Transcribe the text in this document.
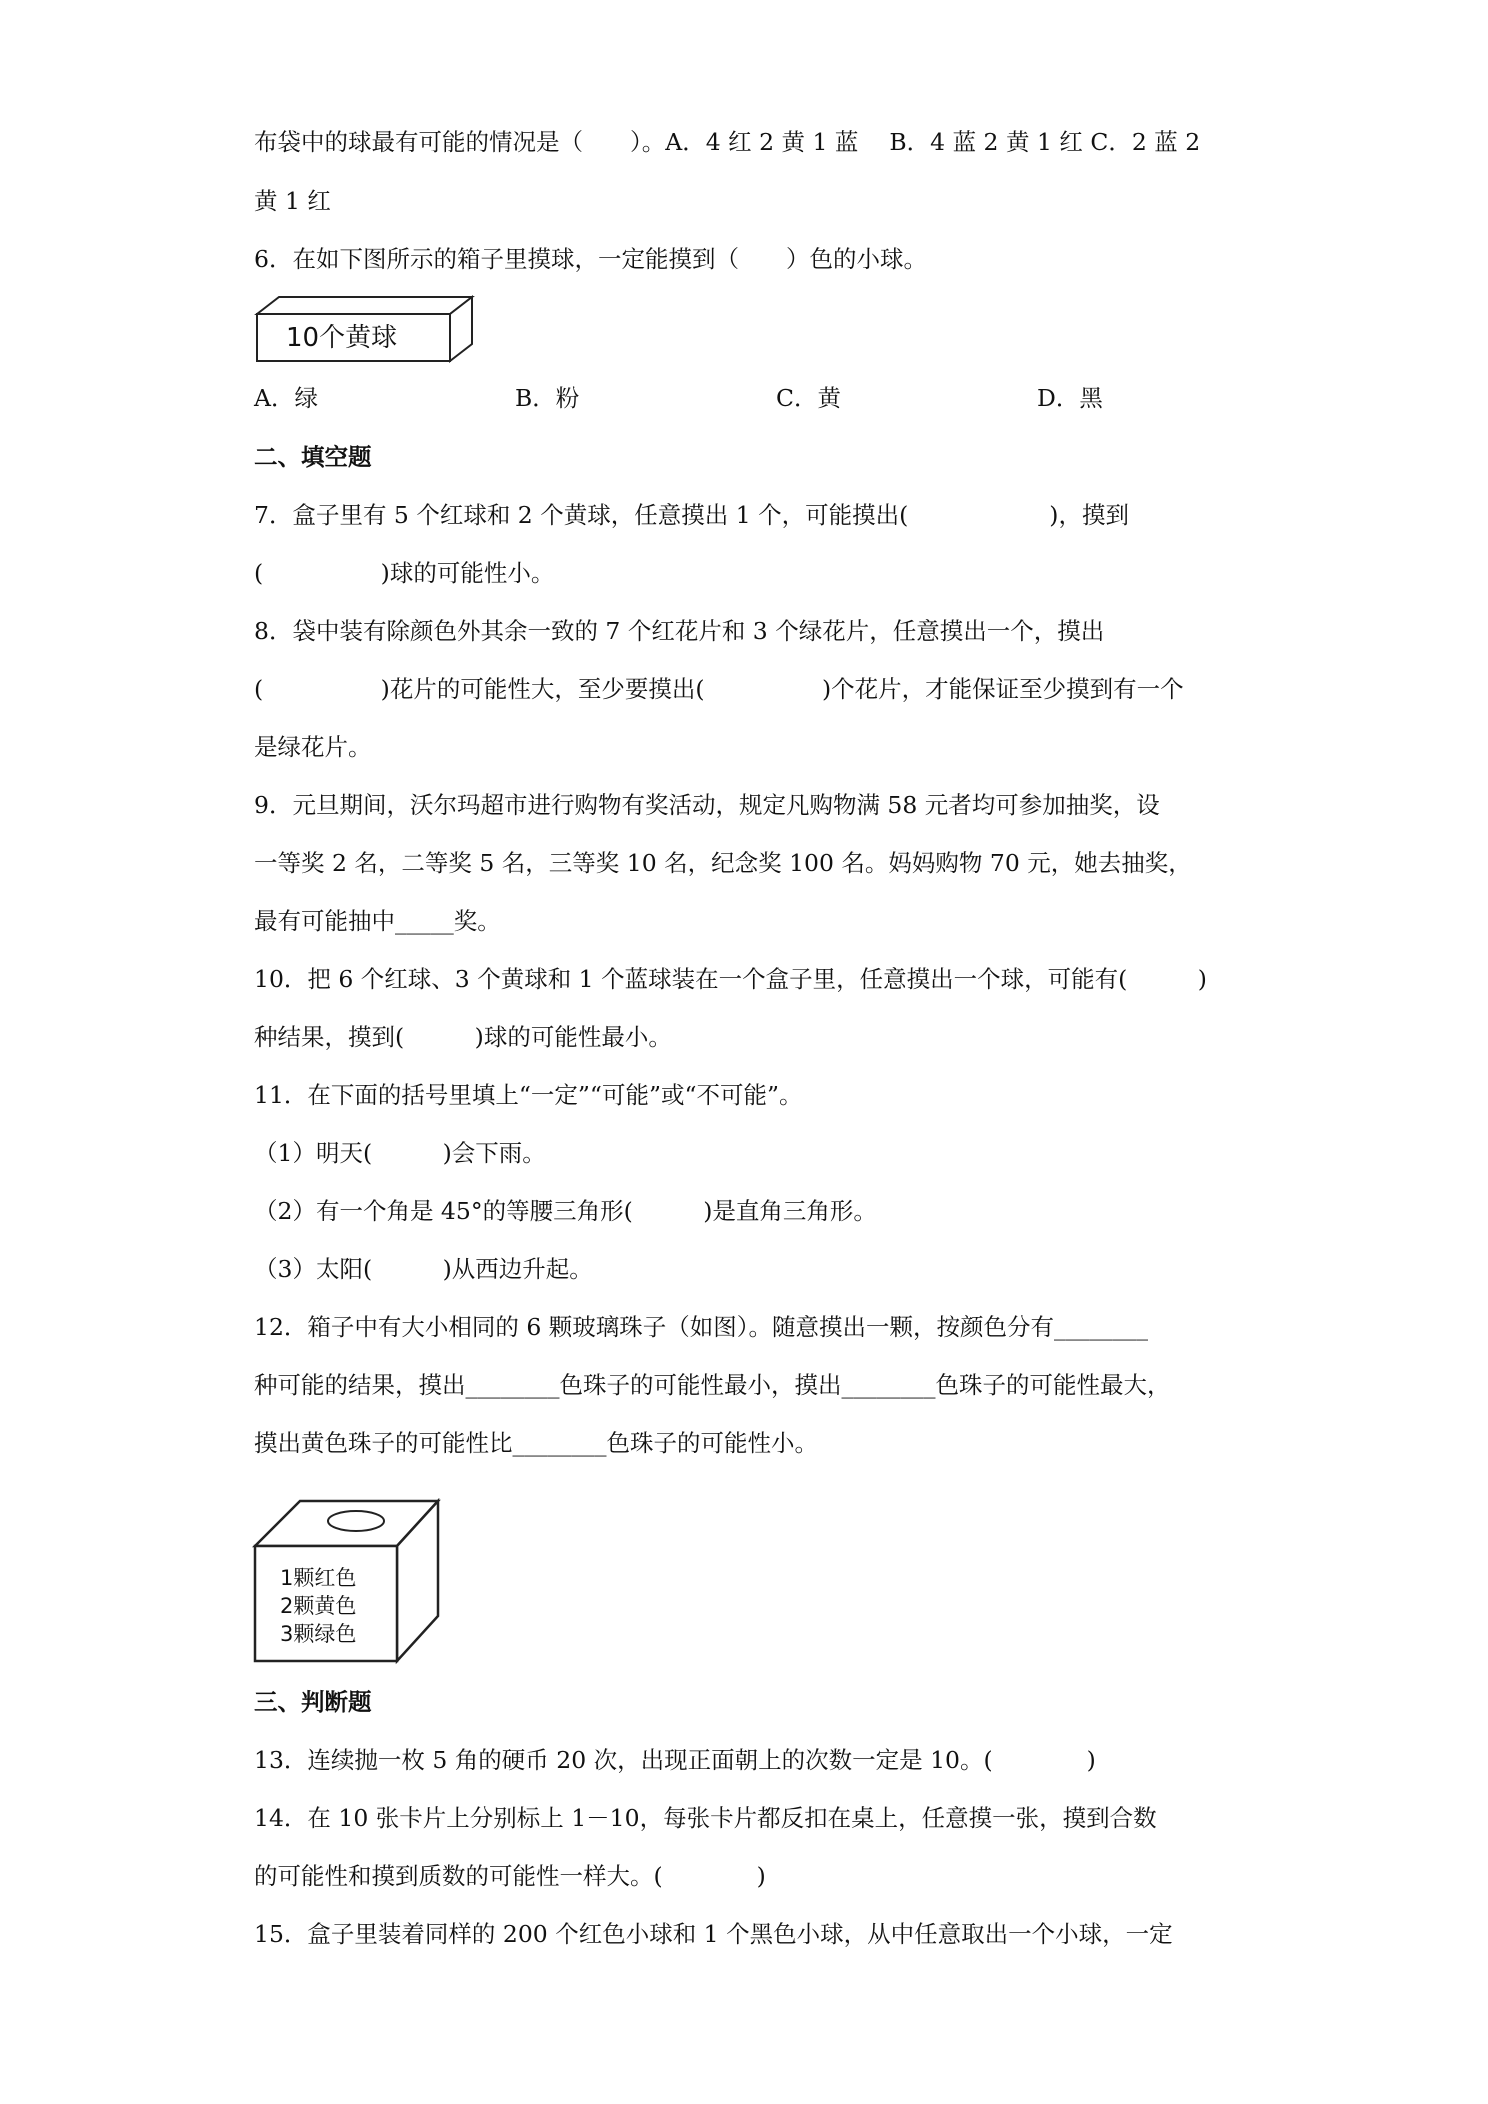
布袋中的球最有可能的情况是（　　）。A．4 红 2 黄 1 蓝　 B．4 蓝 2 黄 1 红 C．2 蓝 2
黄 1 红
6．在如下图所示的箱子里摸球，一定能摸到（　　）色的小球。
10个黄球
A．绿	B．粉	C．黄	D．黑
二、填空题
7．盒子里有 5 个红球和 2 个黄球，任意摸出 1 个，可能摸出(　　　　　　)，摸到
(　　　　　)球的可能性小。
8．袋中装有除颜色外其余一致的 7 个红花片和 3 个绿花片，任意摸出一个，摸出
(　　　　　)花片的可能性大，至少要摸出(　　　　　)个花片，才能保证至少摸到有一个
是绿花片。
9．元旦期间，沃尔玛超市进行购物有奖活动，规定凡购物满 58 元者均可参加抽奖，设
一等奖 2 名，二等奖 5 名，三等奖 10 名，纪念奖 100 名。妈妈购物 70 元，她去抽奖，
最有可能抽中_____奖。
10．把 6 个红球、3 个黄球和 1 个蓝球装在一个盒子里，任意摸出一个球，可能有(　　　)
种结果，摸到(　　　)球的可能性最小。
11．在下面的括号里填上“一定”“可能”或“不可能”。
（1）明天(　　　)会下雨。
（2）有一个角是 45°的等腰三角形(　　　)是直角三角形。
（3）太阳(　　　)从西边升起。
12．箱子中有大小相同的 6 颗玻璃珠子（如图）。随意摸出一颗，按颜色分有________
种可能的结果，摸出________色珠子的可能性最小，摸出________色珠子的可能性最大，
摸出黄色珠子的可能性比________色珠子的可能性小。
1颗红色
2颗黄色
3颗绿色
三、判断题
13．连续抛一枚 5 角的硬币 20 次，出现正面朝上的次数一定是 10。(　　　　)
14．在 10 张卡片上分别标上 1－10，每张卡片都反扣在桌上，任意摸一张，摸到合数
的可能性和摸到质数的可能性一样大。(　　　　)
15．盒子里装着同样的 200 个红色小球和 1 个黑色小球，从中任意取出一个小球，一定
